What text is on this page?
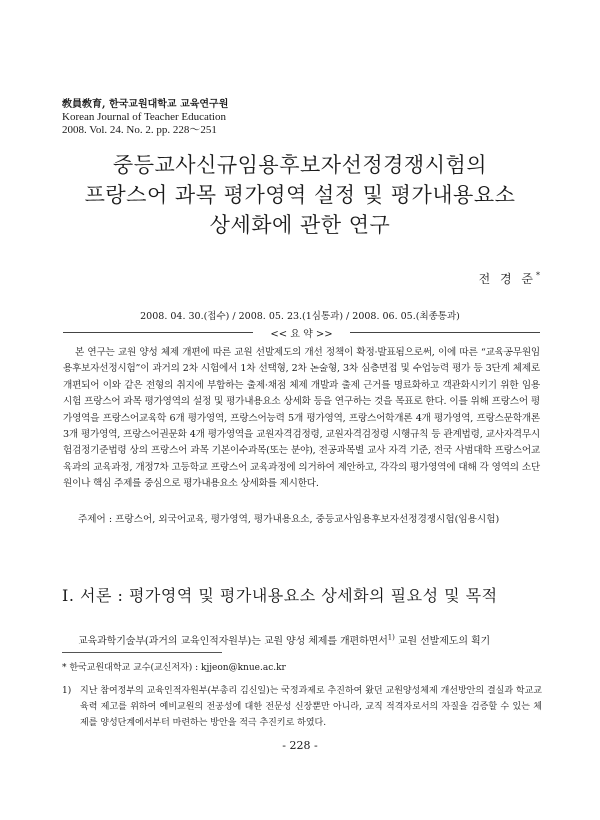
敎員敎育, 한국교원대학교 교육연구원
Korean Journal of Teacher Education
2008. Vol. 24. No. 2. pp. 228～251
중등교사신규임용후보자선정경쟁시험의
프랑스어 과목 평가영역 설정 및 평가내용요소
상세화에 관한 연구
전 경 준*
2008. 04. 30.(접수) / 2008. 05. 23.(1심통과) / 2008. 06. 05.(최종통과)
<< 요 약 >>

본 연구는 교원 양성 체제 개편에 따른 교원 선발제도의 개선 정책이 확정·발표됨으로써, 이에 따른 “교육공무원임용후보자선정시험”이 과거의 2차 시험에서 1차 선택형, 2차 논술형, 3차 심층면접 및 수업능력 평가 등 3단계 체제로 개편되어 이와 같은 전형의 취지에 부합하는 출제·채점 체제 개발과 출제 근거를 명료화하고 객관화시키기 위한 임용시험 프랑스어 과목 평가영역의 설정 및 평가내용요소 상세화 등을 연구하는 것을 목표로 한다. 이를 위해 프랑스어 평가영역을 프랑스어교육학 6개 평가영역, 프랑스어능력 5개 평가영역, 프랑스어학개론 4개 평가영역, 프랑스문학개론 3개 평가영역, 프랑스어권문화 4개 평가영역을 교원자격검정령, 교원자격검정령 시행규칙 등 관계법령, 교사자격무시험검정기준법령 상의 프랑스어 과목 기본이수과목(또는 분야), 전공과목별 교사 자격 기준, 전국 사범대학 프랑스어교육과의 교육과정, 개정7차 고등학교 프랑스어 교육과정에 의거하여 제안하고, 각각의 평가영역에 대해 각 영역의 소단원이나 핵심 주제를 중심으로 평가내용요소 상세화를 제시한다.

주제어 : 프랑스어, 외국어교육, 평가영역, 평가내용요소, 중등교사임용후보자선정경쟁시험(임용시험)

Ⅰ. 서론 : 평가영역 및 평가내용요소 상세화의 필요성 및 목적

교육과학기술부(과거의 교육인적자원부)는 교원 양성 체제를 개편하면서$^{1)}$ 교원 선발제도의 획기

* 한국교원대학교 교수(교신저자) : kjjeon@knue.ac.kr

1) 지난 참여정부의 교육인적자원부(부총리 김신일)는 국정과제로 추진하여 왔던 교원양성체제 개선방안의 결실과 학교교육력 제고를 위하여 예비교원의 전공성에 대한 전문성 신장뿐만 아니라, 교직 적격자로서의 자질을 검증할 수 있는 체제를 양성단계에서부터 마련하는 방안을 적극 추진키로 하였다.

- 228 -
